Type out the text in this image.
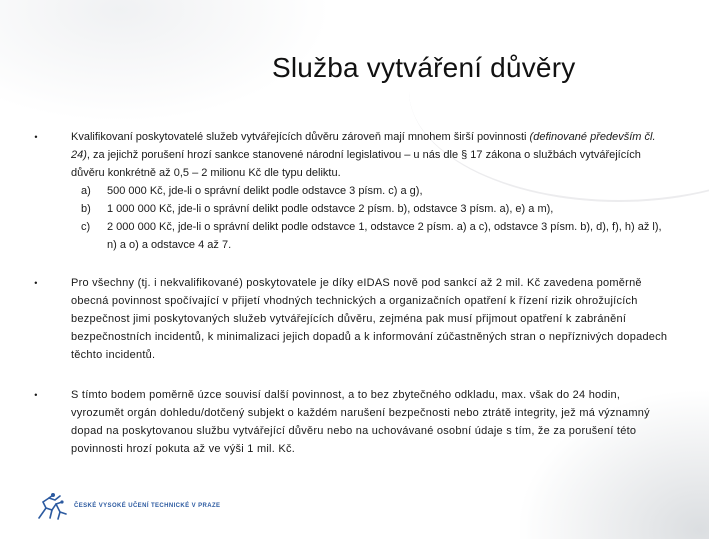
Služba vytváření důvěry
•	Kvalifikovaní poskytovatelé služeb vytvářejících důvěru zároveň mají mnohem širší povinnosti (definované především čl. 24), za jejichž porušení hrozí sankce stanovené národní legislativou – u nás dle § 17 zákona o službách vytvářejících důvěru konkrétně až 0,5 – 2 milionu Kč dle typu deliktu.

a) 500 000 Kč, jde-li o správní delikt podle odstavce 3 písm. c) a g),
b) 1 000 000 Kč, jde-li o správní delikt podle odstavce 2 písm. b), odstavce 3 písm. a), e) a m),
c) 2 000 000 Kč, jde-li o správní delikt podle odstavce 1, odstavce 2 písm. a) a c), odstavce 3 písm. b), d), f), h) až l), n) a o) a odstavce 4 až 7.
•	Pro všechny (tj. i nekvalifikované) poskytovatele je díky eIDAS nově pod sankcí až 2 mil. Kč zavedena poměrně obecná povinnost spočívající v přijetí vhodných technických a organizačních opatření k řízení rizik ohrožujících bezpečnost jimi poskytovaných služeb vytvářejících důvěru, zejména pak musí přijmout opatření k zabránění bezpečnostních incidentů, k minimalizaci jejich dopadů a k informování zúčastněných stran o nepříznivých dopadech těchto incidentů.

•	S tímto bodem poměrně úzce souvisí další povinnost, a to bez zbytečného odkladu, max. však do 24 hodin, vyrozumět orgán dohledu/dotčený subjekt o každém narušení bezpečnosti nebo ztrátě integrity, jež má významný dopad na poskytovanou službu vytvářející důvěru nebo na uchovávané osobní údaje s tím, že za porušení této povinnosti hrozí pokuta až ve výši 1 mil. Kč.

ČESKÉ VYSOKÉ UČENÍ TECHNICKÉ V PRAZE
